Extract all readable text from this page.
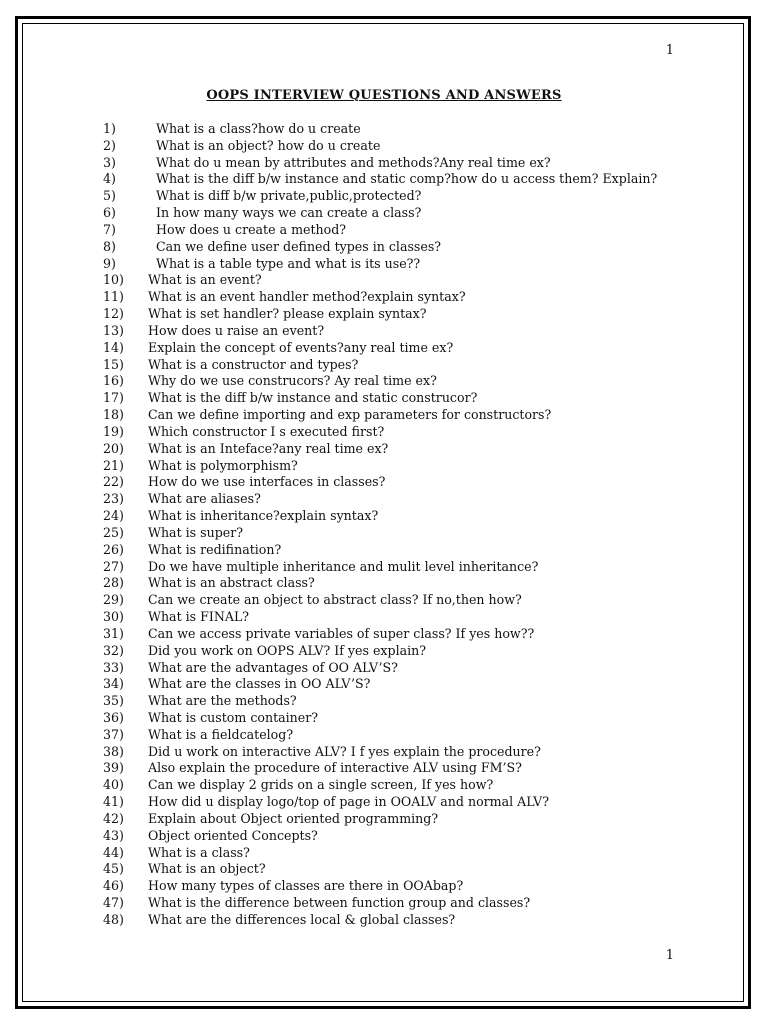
1
OOPS INTERVIEW QUESTIONS AND ANSWERS
1)	What is a class?how do u create
2)	What is an object? how do u create
3)	What do u mean by attributes and methods?Any real time ex?
4)	What is the diff b/w instance and static comp?how do u access them? Explain?
5)	What is diff b/w private,public,protected?
6)	In how many ways we can create a class?
7)	How does u create a method?
8)	Can we define user defined types in classes?
9)	What is a table type and what is its use??
10)	What is an event?
11)	What is an event handler method?explain syntax?
12)	What is set handler? please explain syntax?
13)	How does u raise an event?
14)	Explain the concept of events?any real time ex?
15)	What is a constructor and types?
16)	Why do we use construcors? Ay real time ex?
17)	What is the diff b/w instance and static construcor?
18)	Can we define importing and exp parameters for constructors?
19)	Which constructor I s executed first?
20)	What is an Inteface?any real time ex?
21)	What is polymorphism?
22)	How do we use interfaces in classes?
23)	What are aliases?
24)	What is inheritance?explain syntax?
25)	What is super?
26)	What is redifination?
27)	Do we have multiple inheritance and mulit level inheritance?
28)	What is an abstract class?
29)	Can we create an object to abstract class? If no,then how?
30)	What is FINAL?
31)	Can we access private variables of super class? If yes how??
32)	Did you work on OOPS ALV? If yes explain?
33)	What are the advantages of OO ALV’S?
34)	What are the classes in OO ALV’S?
35)	What are the methods?
36)	What is custom container?
37)	What is a fieldcatelog?
38)	Did u work on interactive ALV? I f yes explain the procedure?
39)	Also explain the procedure of interactive ALV using FM’S?
40)	Can we display 2 grids on a single screen, If yes how?
41)	How did u display logo/top of page in OOALV and normal ALV?
42)	Explain about Object oriented programming?
43)	Object oriented Concepts?
44)	What is a class?
45)	What is an object?
46)	How many types of classes are there in OOAbap?
47)	What is the difference between function group and classes?
48)	What are the differences local & global classes?
1
